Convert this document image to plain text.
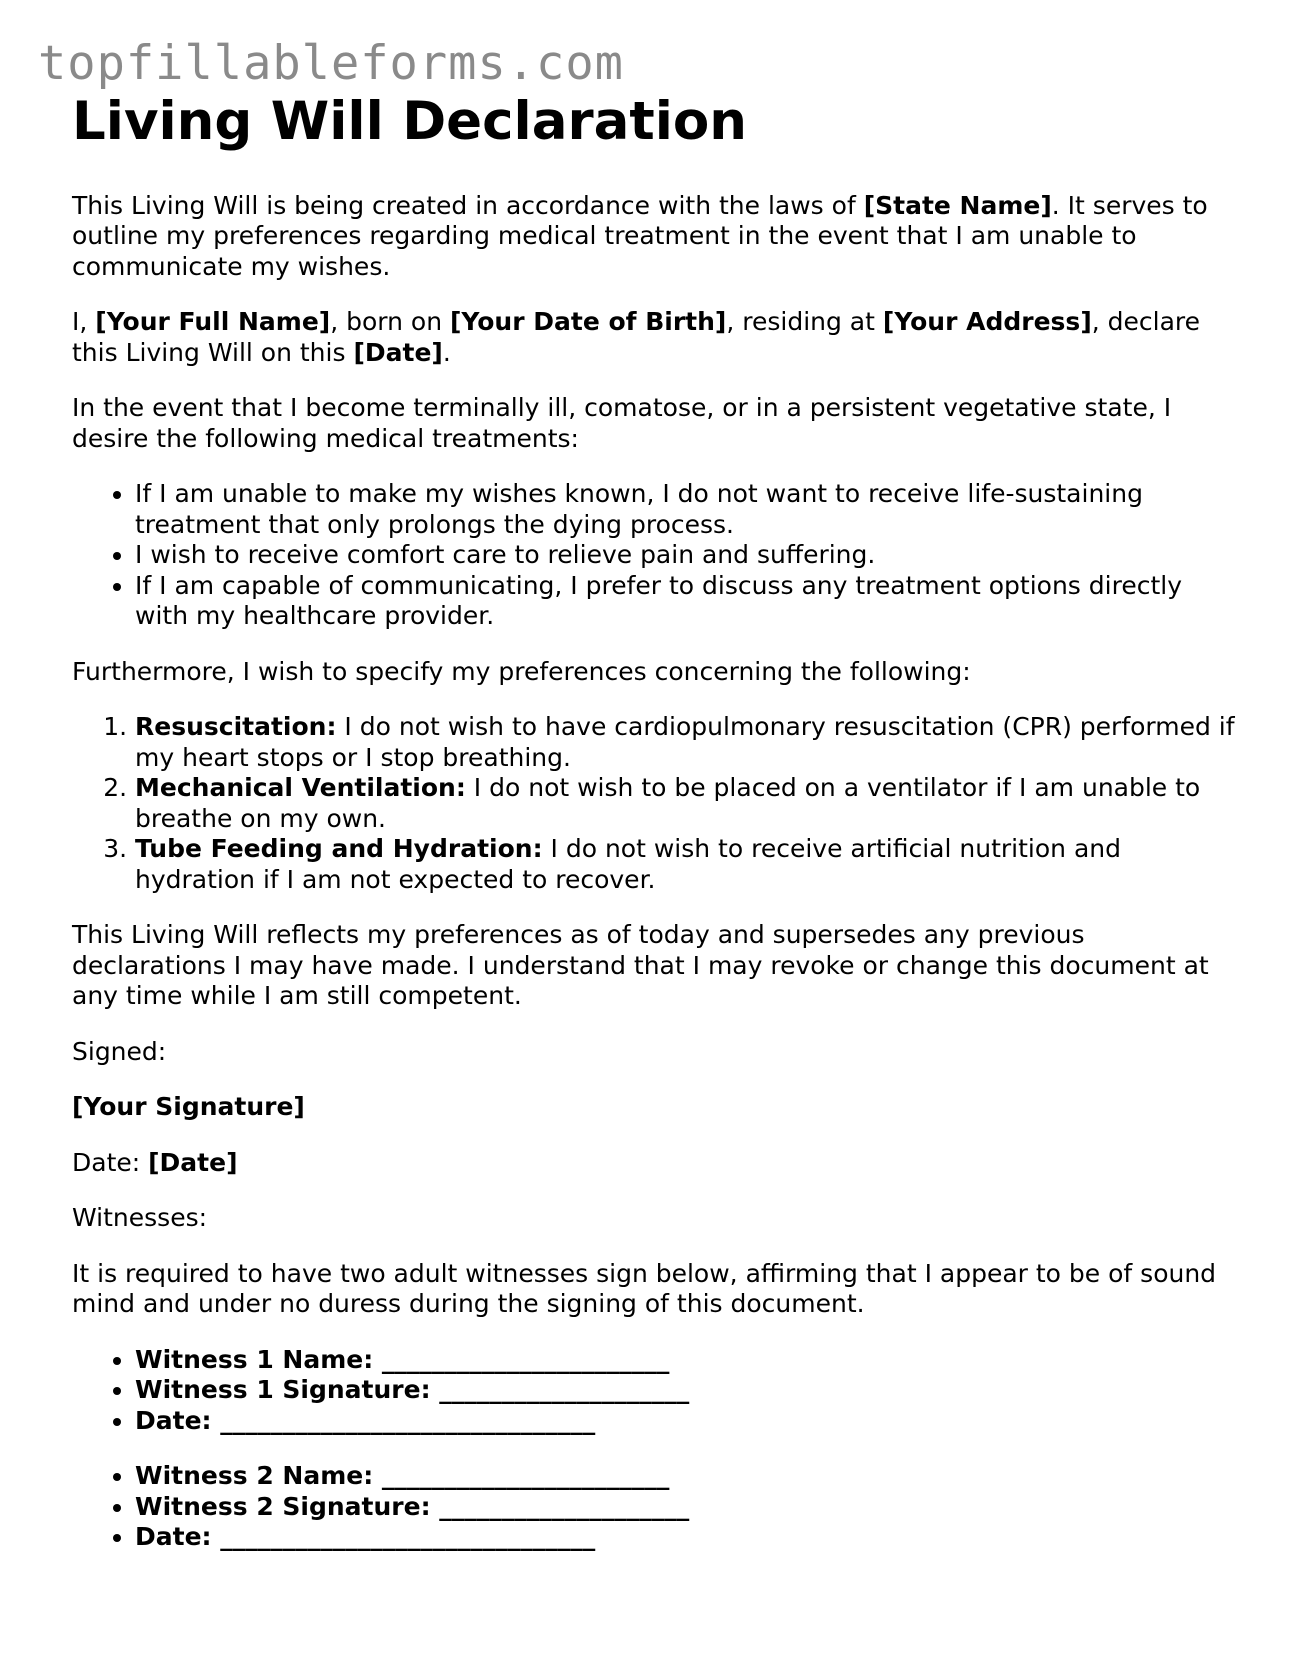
topfillableforms.com
Living Will Declaration

This Living Will is being created in accordance with the laws of [State Name]. It serves to outline my preferences regarding medical treatment in the event that I am unable to communicate my wishes.

I, [Your Full Name], born on [Your Date of Birth], residing at [Your Address], declare this Living Will on this [Date].

In the event that I become terminally ill, comatose, or in a persistent vegetative state, I desire the following medical treatments:

• If I am unable to make my wishes known, I do not want to receive life-sustaining treatment that only prolongs the dying process.
• I wish to receive comfort care to relieve pain and suffering.
• If I am capable of communicating, I prefer to discuss any treatment options directly with my healthcare provider.

Furthermore, I wish to specify my preferences concerning the following:

1. Resuscitation: I do not wish to have cardiopulmonary resuscitation (CPR) performed if my heart stops or I stop breathing.
2. Mechanical Ventilation: I do not wish to be placed on a ventilator if I am unable to breathe on my own.
3. Tube Feeding and Hydration: I do not wish to receive artificial nutrition and hydration if I am not expected to recover.

This Living Will reflects my preferences as of today and supersedes any previous declarations I may have made. I understand that I may revoke or change this document at any time while I am still competent.

Signed:

[Your Signature]

Date: [Date]

Witnesses:

It is required to have two adult witnesses sign below, affirming that I appear to be of sound mind and under no duress during the signing of this document.

• Witness 1 Name: _______________________
• Witness 1 Signature: ____________________
• Date: ______________________________
• Witness 2 Name: _______________________
• Witness 2 Signature: ____________________
• Date: ______________________________
